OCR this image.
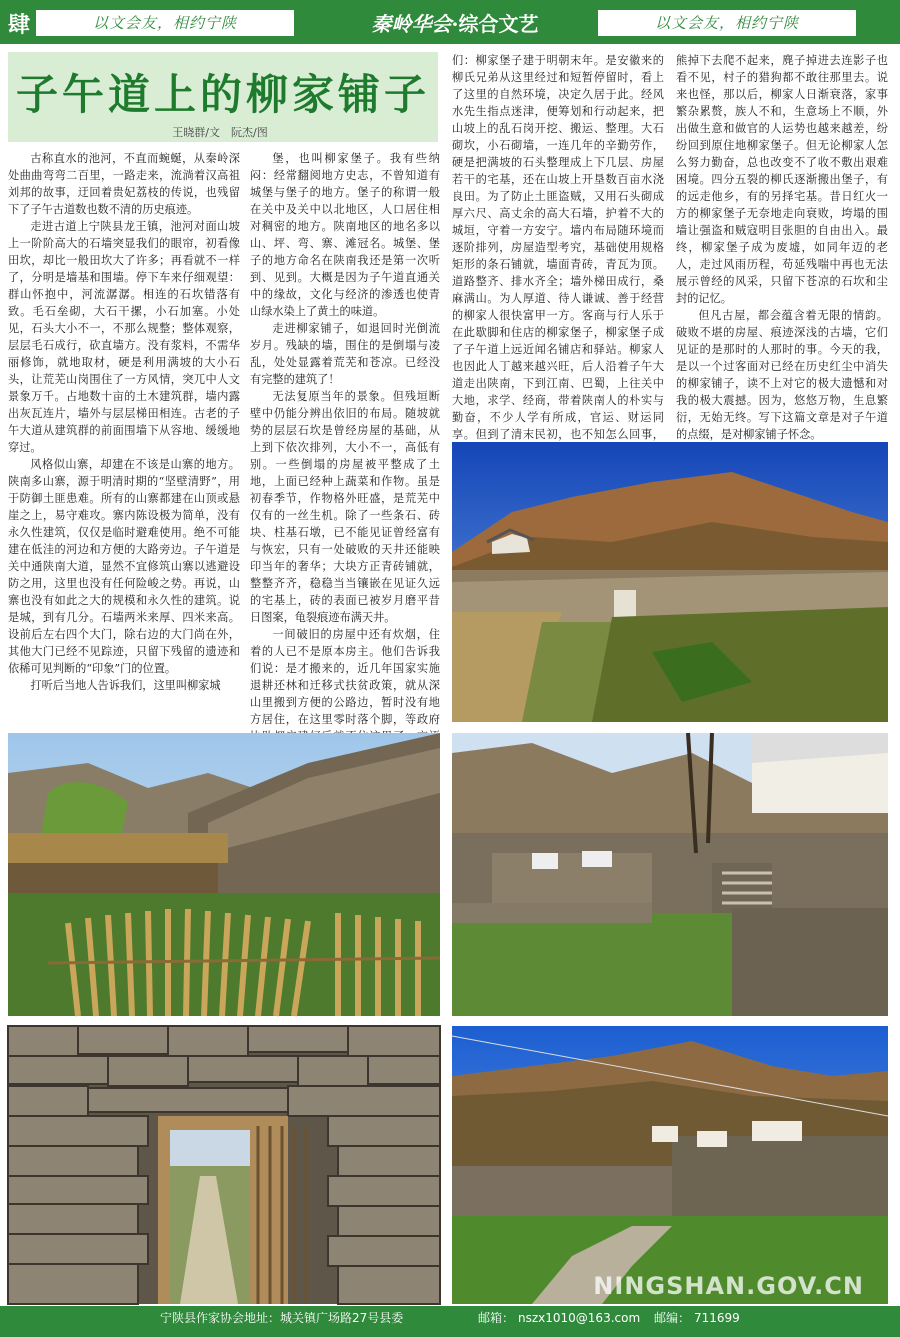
肆	以文会友，相约宁陕	秦岭华会·综合文艺	以文会友，相约宁陕
子午道上的柳家铺子
王晓群/文　阮杰/图

古称直水的池河，不直而蜿蜒，从秦岭深处曲曲弯弯二百里，一路走来，流淌着汉高祖刘邦的故事，迂回着贵妃荔枝的传说，也残留下了子午古道数也数不清的历史痕迹。

走进古道上宁陕县龙王镇，池河对面山坡上一阶阶高大的石墙突显我们的眼帘，初看像田坎，却比一般田坎大了许多；再看就不一样了，分明是墙基和围墙。停下车来仔细观望：群山怀抱中，河流潺潺。相连的石坎错落有致。毛石垒砌，大石干摞，小石加塞。小处见，石头大小不一，不那么规整；整体观察，层层毛石成行，砍直墙方。没有浆料，不需华丽修饰，就地取材，硬是利用满坡的大小石头，让荒芜山岗围住了一方风情，突兀中人文景象万千。占地数十亩的土木建筑群，墙内露出灰瓦连片，墙外与层层梯田相连。古老的子午大道从建筑群的前面围墙下从容地、缓缓地穿过。

风格似山寨，却建在不该是山寨的地方。陕南多山寨，源于明清时期的“坚壁清野”，用于防御土匪患难。所有的山寨都建在山顶或悬崖之上，易守难攻。寨内陈设极为简单，没有永久性建筑，仅仅是临时避难使用。绝不可能建在低洼的河边和方便的大路旁边。子午道是关中通陕南大道，显然不宜修筑山寨以逃避设防之用，这里也没有任何险峻之势。再说，山寨也没有如此之大的规模和永久性的建筑。说是城，到有几分。石墙两米来厚、四米来高。设前后左右四个大门，除右边的大门尚在外，其他大门已经不见踪迹，只留下残留的遗迹和依稀可见判断的“印象”门的位置。

打听后当地人告诉我们，这里叫柳家城

堡，也叫柳家堡子。我有些纳闷：经常翻阅地方史志，不曾知道有城堡与堡子的地方。堡子的称谓一般在关中及关中以北地区，人口居住相对稠密的地方。陕南地区的地名多以山、坪、弯、寨、滩冠名。城堡、堡子的地方命名在陕南我还是第一次听到、见到。大概是因为子午道直通关中的缘故，文化与经济的渗透也使青山绿水染上了黄土的味道。

走进柳家铺子，如退回时光倒流岁月。残缺的墙，围住的是倒塌与凌乱，处处显露着荒芜和苍凉。已经没有完整的建筑了！

无法复原当年的景象。但残垣断壁中仍能分辨出依旧的布局。随坡就势的层层石坎是曾经房屋的基础，从上到下依次排列，大小不一，高低有别。一些倒塌的房屋被平整成了土地，上面已经种上蔬菜和作物。虽是初春季节，作物格外旺盛，是荒芜中仅有的一丝生机。除了一些条石、砖块、柱基石墩，已不能见证曾经富有与恢宏，只有一处破败的天井还能映印当年的奢华；大块方正青砖铺就，整整齐齐，稳稳当当镶嵌在见证久远的宅基上，砖的表面已被岁月磨平昔日图案，龟裂痕迹布满天井。

一间破旧的房屋中还有炊烟，住着的人已不是原本房主。他们告诉我们说：是才搬来的，近几年国家实施退耕还林和迁移式扶贫政策，就从深山里搬到方便的公路边，暂时没有地方居住，在这里零时落个脚，等政府

们：柳家堡子建于明朝末年。是安徽来的柳氏兄弟从这里经过和短暂停留时，看上了这里的自然环境，决定久居于此。经风水先生指点迷津，便筹划和行动起来，把山坡上的乱石岗开挖、搬运、整理。大石砌坎，小石砌墙，一连几年的辛勤劳作，硬是把满坡的石头整理成上下几层、房屋若干的宅基，还在山坡上开垦数百亩水浇良田。为了防止土匪盗贼，又用石头砌成厚六尺、高丈余的高大石墙，护着不大的城垣，守着一方安宁。墙内布局随环境而逐阶排列，房屋造型考究，基础使用规格矩形的条石铺就，墙面青砖，青瓦为顶。道路整齐、排水齐全；墙外梯田成行，桑麻满山。为人厚道、待人谦诚、善于经营的柳家人很快富甲一方。客商与行人乐于在此歇脚和住店的柳家堡子，柳家堡子成了子午道上远近闻名铺店和驿站。柳家人也因此人丁越来越兴旺，后人沿着子午大道走出陕南，下到江南、巴蜀，上往关中大地，求学、经商，带着陕南人的朴实与勤奋，不少人学有所成，官运、财运同享。但到了清末民初，也不知怎么回事，

熊掉下去爬不起来，麂子掉进去连影子也看不见，村子的猎狗都不敢往那里去。说来也怪，那以后，柳家人日渐衰落，家事繁杂累赘，族人不和，生意场上不顺，外出做生意和做官的人运势也越来越差，纷纷回到原住地柳家堡子。但无论柳家人怎么努力勤奋，总也改变不了收不敷出艰难困境。四分五裂的柳氏逐渐搬出堡子，有的远走他乡，有的另择宅基。昔日红火一方的柳家堡子无奈地走向衰败，垮塌的围墙让强盗和贼寇明目张胆的自由出入。最终，柳家堡子成为废墟，如同年迈的老人，走过风雨历程，苟延残喘中再也无法展示曾经的风采，只留下苍凉的石坎和尘封的记忆。

但凡古屋，都会蕴含着无限的情韵。破败不堪的房屋、痕迹深浅的古墙，它们见证的是那时的人那时的事。今天的我，是以一个过客面对已经在历史红尘中消失的柳家铺子，读不上对它的极大遗憾和对我的极大震撼。因为，悠悠万物，生息繁衍，无始无终。写下这篇文章是对子午道的点缀，是对柳家铺子怀念。

NINGSHAN.GOV.CN
宁陕县作家协会地址：城关镇广场路27号县委	邮箱： nszx1010@163.com 邮编： 711699
